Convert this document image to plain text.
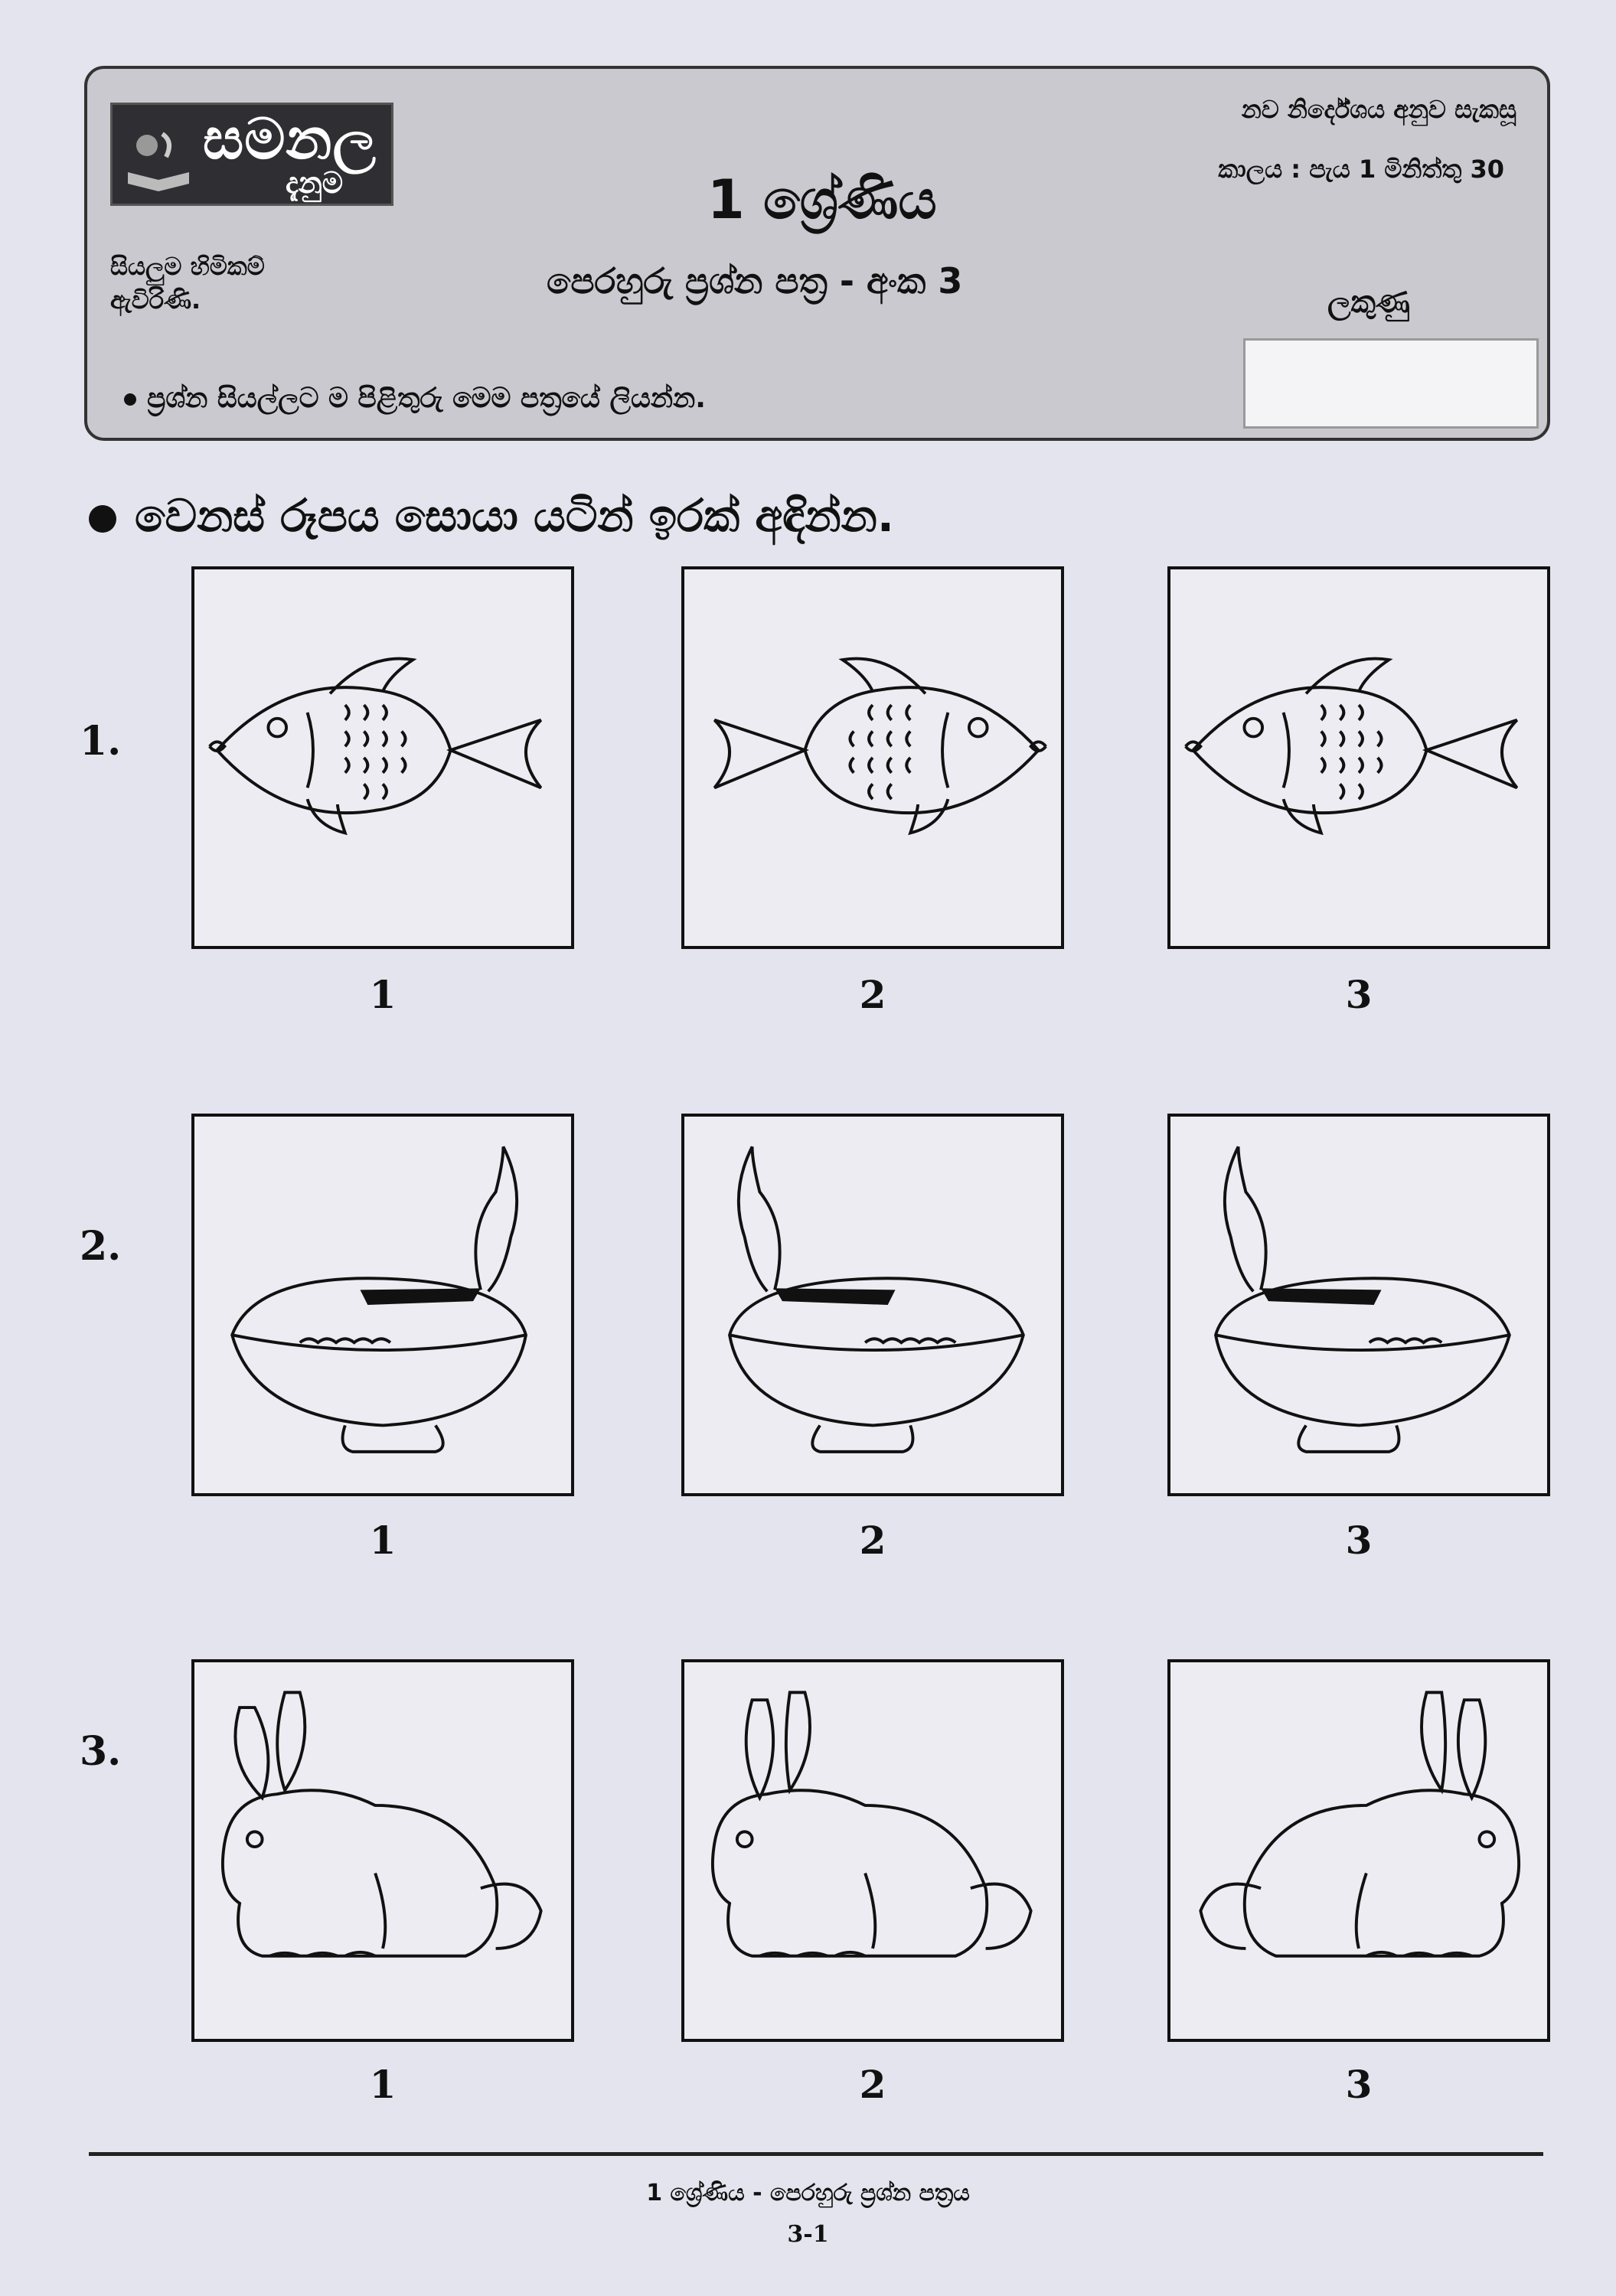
සමනල
දැනුම
සියලුම හිමිකම් ඇවිරිණි.
1 ශ්‍රේණිය
පෙරහුරු ප්‍රශ්න පත්‍ර - අංක 3
නව නිර්දේශය අනුව සැකසූ
කාලය : පැය 1 මිනිත්තු 30
ලකුණු
ප්‍රශ්න සියල්ලට ම පිළිතුරු මෙම පත්‍රයේ ලියන්න.
වෙනස් රූපය සොයා යටින් ඉරක් අඳින්න.
1.
1	2	3
2.
1	2	3
3.
1	2	3
1 ශ්‍රේණිය - පෙරහුරු ප්‍රශ්න පත්‍රය
3-1
